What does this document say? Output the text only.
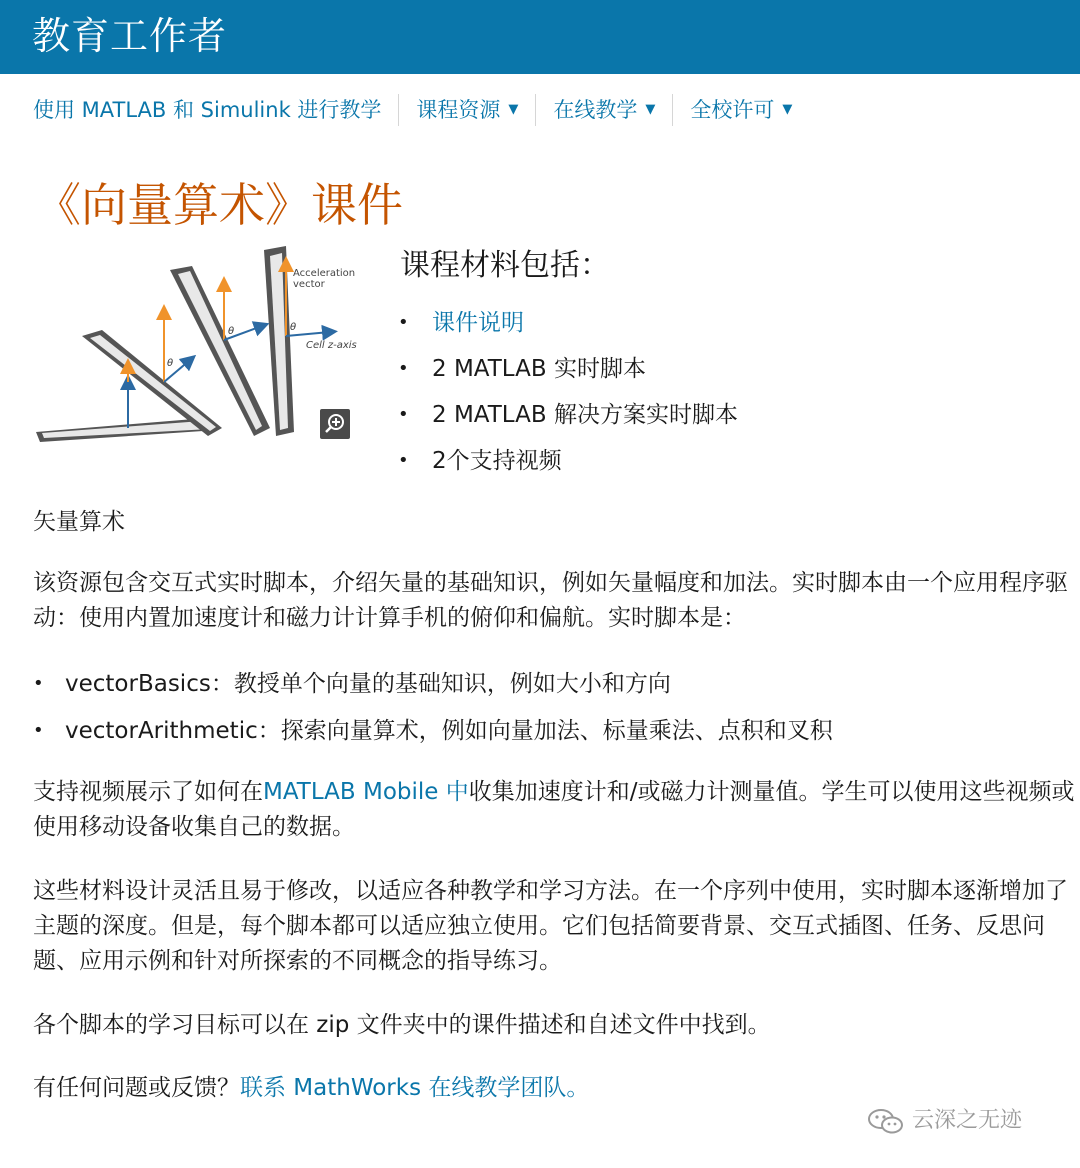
教育工作者
使用 MATLAB 和 Simulink 进行教学 课程资源 ▼ 在线教学 ▼ 全校许可 ▼
《向量算术》课件
θ
θ	θ
Acceleration
vector
Cell z-axis
课程材料包括：
• 课件说明
• 2 MATLAB 实时脚本
• 2 MATLAB 解决方案实时脚本
• 2个支持视频

矢量算术

该资源包含交互式实时脚本，介绍矢量的基础知识，例如矢量幅度和加法。实时脚本由一个应用程序驱动：使用内置加速度计和磁力计计算手机的俯仰和偏航。实时脚本是：

• vectorBasics：教授单个向量的基础知识，例如大小和方向
• vectorArithmetic：探索向量算术，例如向量加法、标量乘法、点积和叉积

支持视频展示了如何在MATLAB Mobile 中收集加速度计和/或磁力计测量值。学生可以使用这些视频或使用移动设备收集自己的数据。

这些材料设计灵活且易于修改，以适应各种教学和学习方法。在一个序列中使用，实时脚本逐渐增加了主题的深度。但是，每个脚本都可以适应独立使用。它们包括简要背景、交互式插图、任务、反思问题、应用示例和针对所探索的不同概念的指导练习。

各个脚本的学习目标可以在 zip 文件夹中的课件描述和自述文件中找到。

有任何问题或反馈？联系 MathWorks 在线教学团队。

云深之无迹
